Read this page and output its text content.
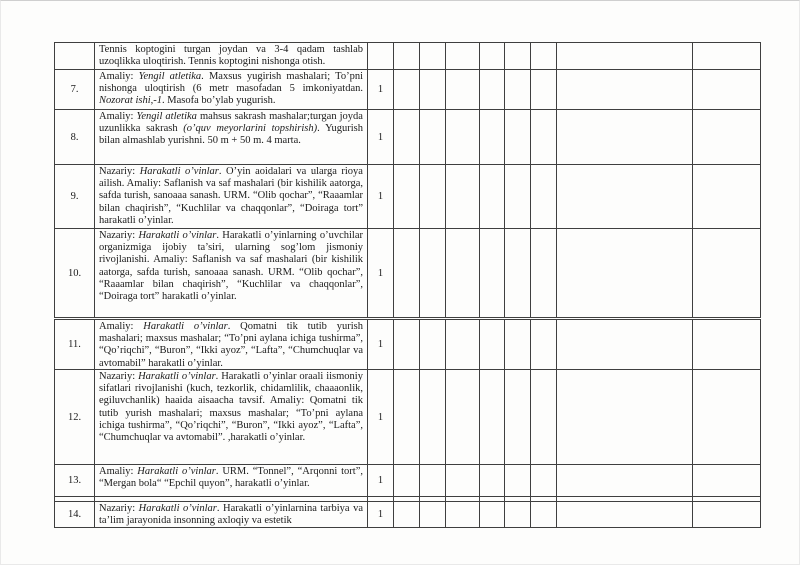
	Tennis koptogini turgan joydan va 3-4 qadam tashlab uzoqlikka uloqtirish. Tennis koptogini nishonga otish.									

7.	Amaliy: Yengil atletika. Maxsus yugirish mashalari; To’pni nishonga uloqtirish (6 metr masofadan 5 imkoniyatdan. Nozorat ishi,-1. Masofa bo’ylab yugurish.	1								
8.	Amaliy: Yengil atletika mahsus sakrash mashalar;turgan joyda uzunlikka sakrash (o’quv meyorlarini topshirish). Yugurish bilan almashlab yurishni. 50 m + 50 m. 4 marta.	1								
9.	Nazariy: Harakatli o’vinlar. O’yin aoidalari va ularga rioya ailish. Amaliy: Saflanish va saf mashalari (bir kishilik aatorga, safda turish, sanoaaa sanash. URM. “Olib qochar”, “Raaamlar bilan chaqirish”, “Kuchlilar va chaqqonlar”, “Doiraga tort” harakatli o’yinlar.	1								
10.	Nazariy: Harakatli o’vinlar. Harakatli o’yinlarning o’uvchilar organizmiga ijobiy ta’siri, ularning sog’lom jismoniy rivojlanishi. Amaliy: Saflanish va saf mashalari (bir kishilik aatorga, safda turish, sanoaaa sanash. URM. “Olib qochar”, “Raaamlar bilan chaqirish”, “Kuchlilar va chaqqonlar”, “Doiraga tort” harakatli o’yinlar.	1								
11.	Amaliy: Harakatli o’vinlar. Qomatni tik tutib yurish mashalari; maxsus mashalar; “To’pni aylana ichiga tushirma”, “Qo’riqchi”, “Buron”, “Ikki ayoz”, “Lafta”, “Chumchuqlar va avtomabil” harakatli o’yinlar.	1								
12.	Nazariy: Harakatli o’vinlar. Harakatli o’yinlar oraali iismoniy sifatlari rivojlanishi (kuch, tezkorlik, chidamlilik, chaaaonlik, egiluvchanlik) haaida aisaacha tavsif. Amaliy: Qomatni tik tutib yurish mashalari; maxsus mashalar; “To’pni aylana ichiga tushirma”, “Qo’riqchi”, “Buron”, “Ikki ayoz”, “Lafta”, “Chumchuqlar va avtomabil”. ,harakatli o’yinlar.	1								
13.	Amaliy: Harakatli o’vinlar. URM. “Tonnel”, “Arqonni tort”, “Mergan bola“ “Epchil quyon”, harakatli o’yinlar.	1								

14.	Nazariy: Harakatli o’vinlar. Harakatli o’yinlarnina tarbiya va ta’lim jarayonida insonning axloqiy va estetik	1								
